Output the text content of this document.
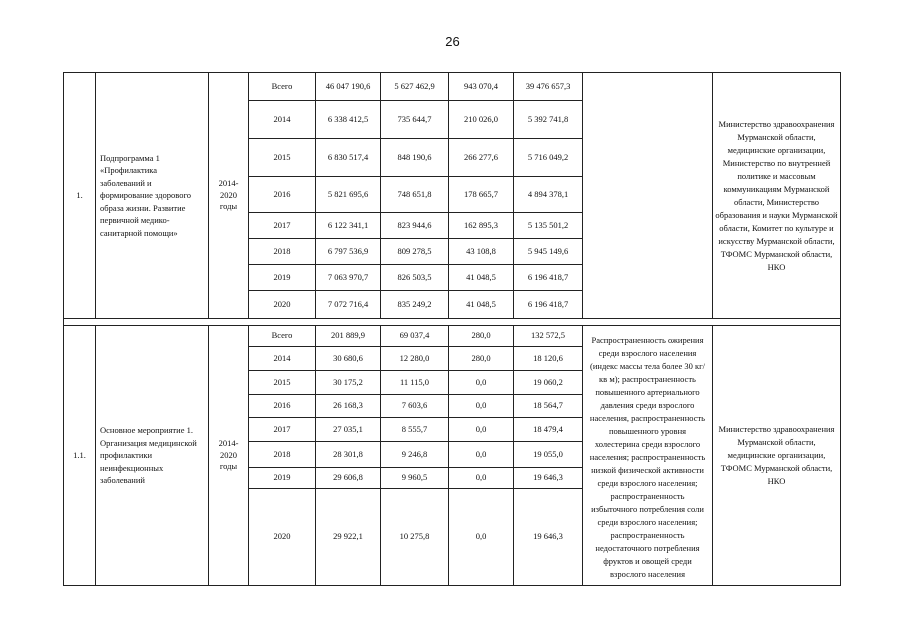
26
1.	Подпрограмма 1 «Профилактика заболеваний и формирование здорового образа жизни. Развитие первичной медико-санитарной помощи»	2014-2020 годы	Всего	46 047 190,6	5 627 462,9	943 070,4	39 476 657,3		Министерство здравоохранения Мурманской области, медицинские организации, Министерство по внутренней политике и массовым коммуникациям Мурманской области, Министерство образования и науки Мурманской области, Комитет по культуре и искусству Мурманской области, ТФОМС Мурманской области, НКО
			2014	6 338 412,5	735 644,7	210 026,0	5 392 741,8		
			2015	6 830 517,4	848 190,6	266 277,6	5 716 049,2		
			2016	5 821 695,6	748 651,8	178 665,7	4 894 378,1		
			2017	6 122 341,1	823 944,6	162 895,3	5 135 501,2		
			2018	6 797 536,9	809 278,5	43 108,8	5 945 149,6		
			2019	7 063 970,7	826 503,5	41 048,5	6 196 418,7		
			2020	7 072 716,4	835 249,2	41 048,5	6 196 418,7		

1.1.	Основное мероприятие 1. Организация медицинской профилактики неинфекционных заболеваний	2014-2020 годы	Всего	201 889,9	69 037,4	280,0	132 572,5	Распространенность ожирения среди взрослого населения (индекс массы тела более 30 кг/кв м); распространенность повышенного артериального давления среди взрослого населения, распространенность повышенного уровня холестерина среди взрослого населения; распространенность низкой физической активности среди взрослого населения; распространенность избыточного потребления соли среди взрослого населения; распространенность недостаточного потребления фруктов и овощей среди взрослого населения	Министерство здравоохранения Мурманской области, медицинские организации, ТФОМС Мурманской области, НКО
			2014	30 680,6	12 280,0	280,0	18 120,6		
			2015	30 175,2	11 115,0	0,0	19 060,2		
			2016	26 168,3	7 603,6	0,0	18 564,7		
			2017	27 035,1	8 555,7	0,0	18 479,4		
			2018	28 301,8	9 246,8	0,0	19 055,0		
			2019	29 606,8	9 960,5	0,0	19 646,3		
			2020	29 922,1	10 275,8	0,0	19 646,3		
